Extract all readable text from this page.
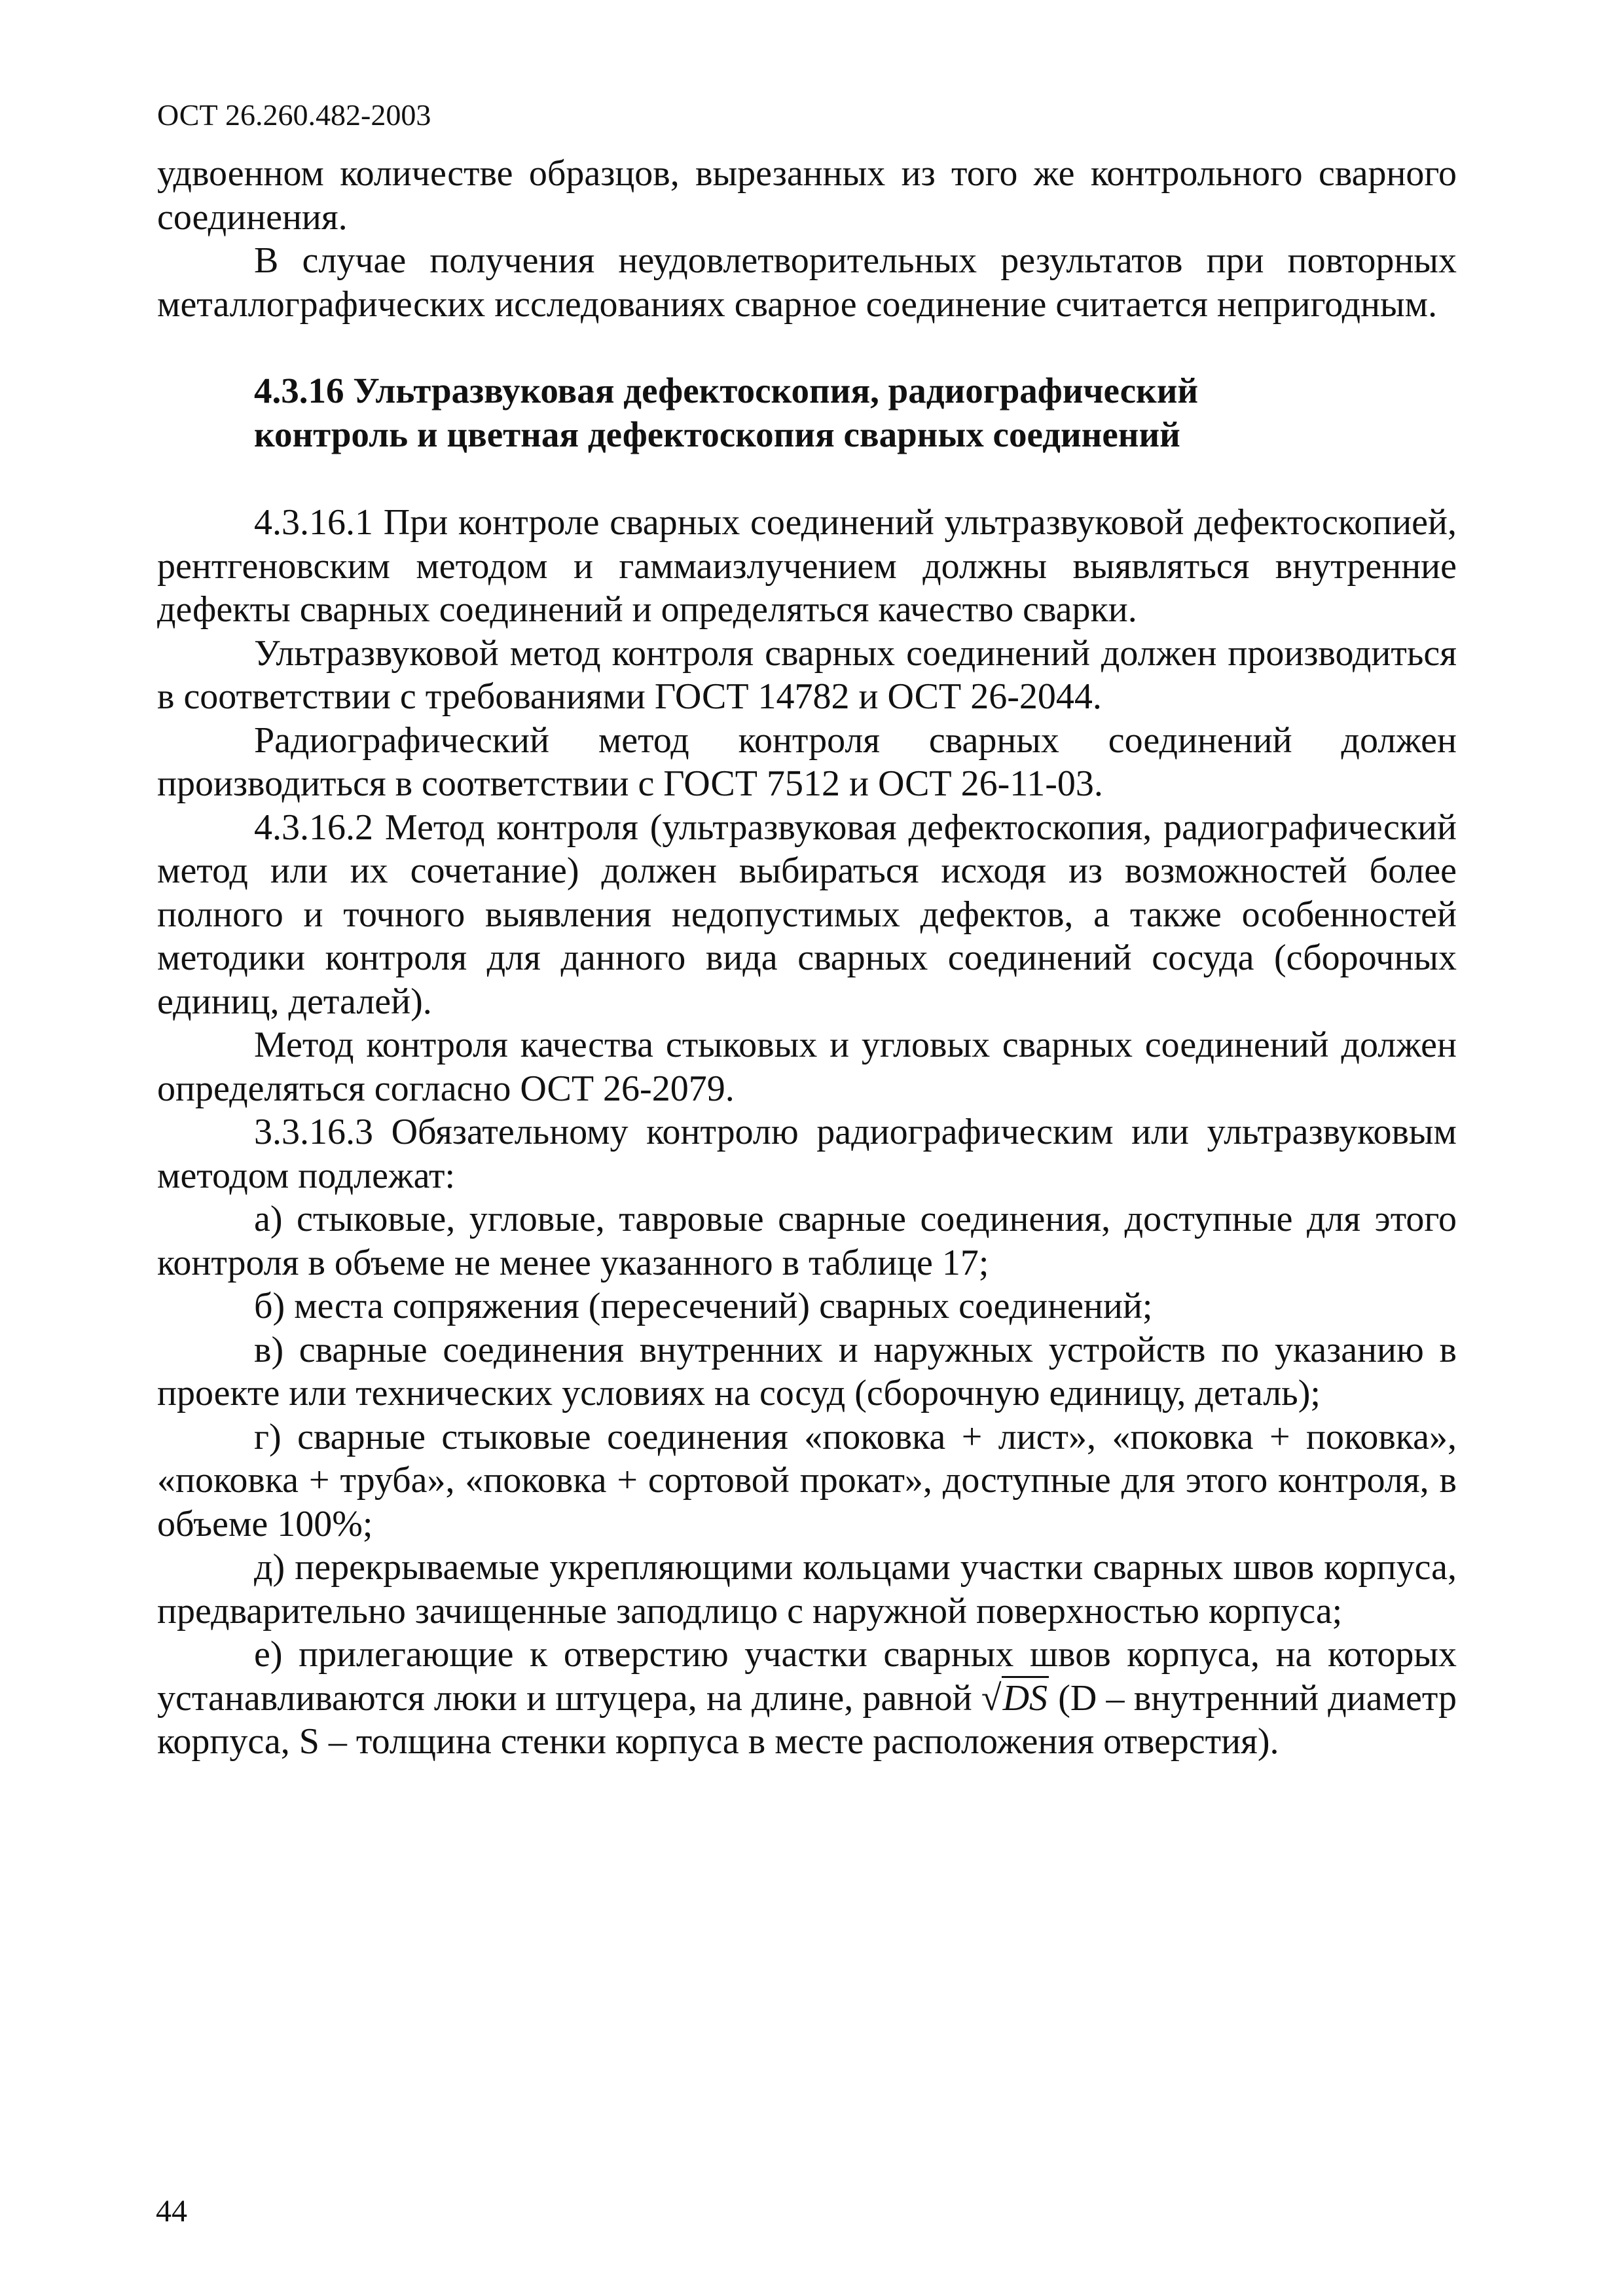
ОСТ 26.260.482-2003

удвоенном количестве образцов, вырезанных из того же контрольного сварного соединения.

В случае получения неудовлетворительных результатов при повторных металлографических исследованиях сварное соединение считается непригодным.

4.3.16 Ультразвуковая дефектоскопия, радиографический

контроль и цветная дефектоскопия сварных соединений

4.3.16.1 При контроле сварных соединений ультразвуковой дефектоскопией, рентгеновским методом и гаммаизлучением должны выявляться внутренние дефекты сварных соединений и определяться качество сварки.

Ультразвуковой метод контроля сварных соединений должен производиться в соответствии с требованиями ГОСТ 14782 и ОСТ 26-2044.

Радиографический метод контроля сварных соединений должен производиться в соответствии с ГОСТ 7512 и ОСТ 26-11-03.

4.3.16.2 Метод контроля (ультразвуковая дефектоскопия, радиографический метод или их сочетание) должен выбираться исходя из возможностей более полного и точного выявления недопустимых дефектов, а также особенностей методики контроля для данного вида сварных соединений сосуда (сборочных единиц, деталей).

Метод контроля качества стыковых и угловых сварных соединений должен определяться согласно ОСТ 26-2079.

3.3.16.3 Обязательному контролю радиографическим или ультразвуковым методом подлежат:

а) стыковые, угловые, тавровые сварные соединения, доступные для этого контроля в объеме не менее указанного в таблице 17;

б) места сопряжения (пересечений) сварных соединений;

в) сварные соединения внутренних и наружных устройств по указанию в проекте или технических условиях на сосуд (сборочную единицу, деталь);

г) сварные стыковые соединения «поковка + лист», «поковка + поковка», «поковка + труба», «поковка + сортовой прокат», доступные для этого контроля, в объеме 100%;

д) перекрываемые укрепляющими кольцами участки сварных швов корпуса, предварительно зачищенные заподлицо с наружной поверхностью корпуса;

е) прилегающие к отверстию участки сварных швов корпуса, на которых устанавливаются люки и штуцера, на длине, равной √DS (D – внутренний диаметр корпуса, S – толщина стенки корпуса в месте расположения отверстия).

44
